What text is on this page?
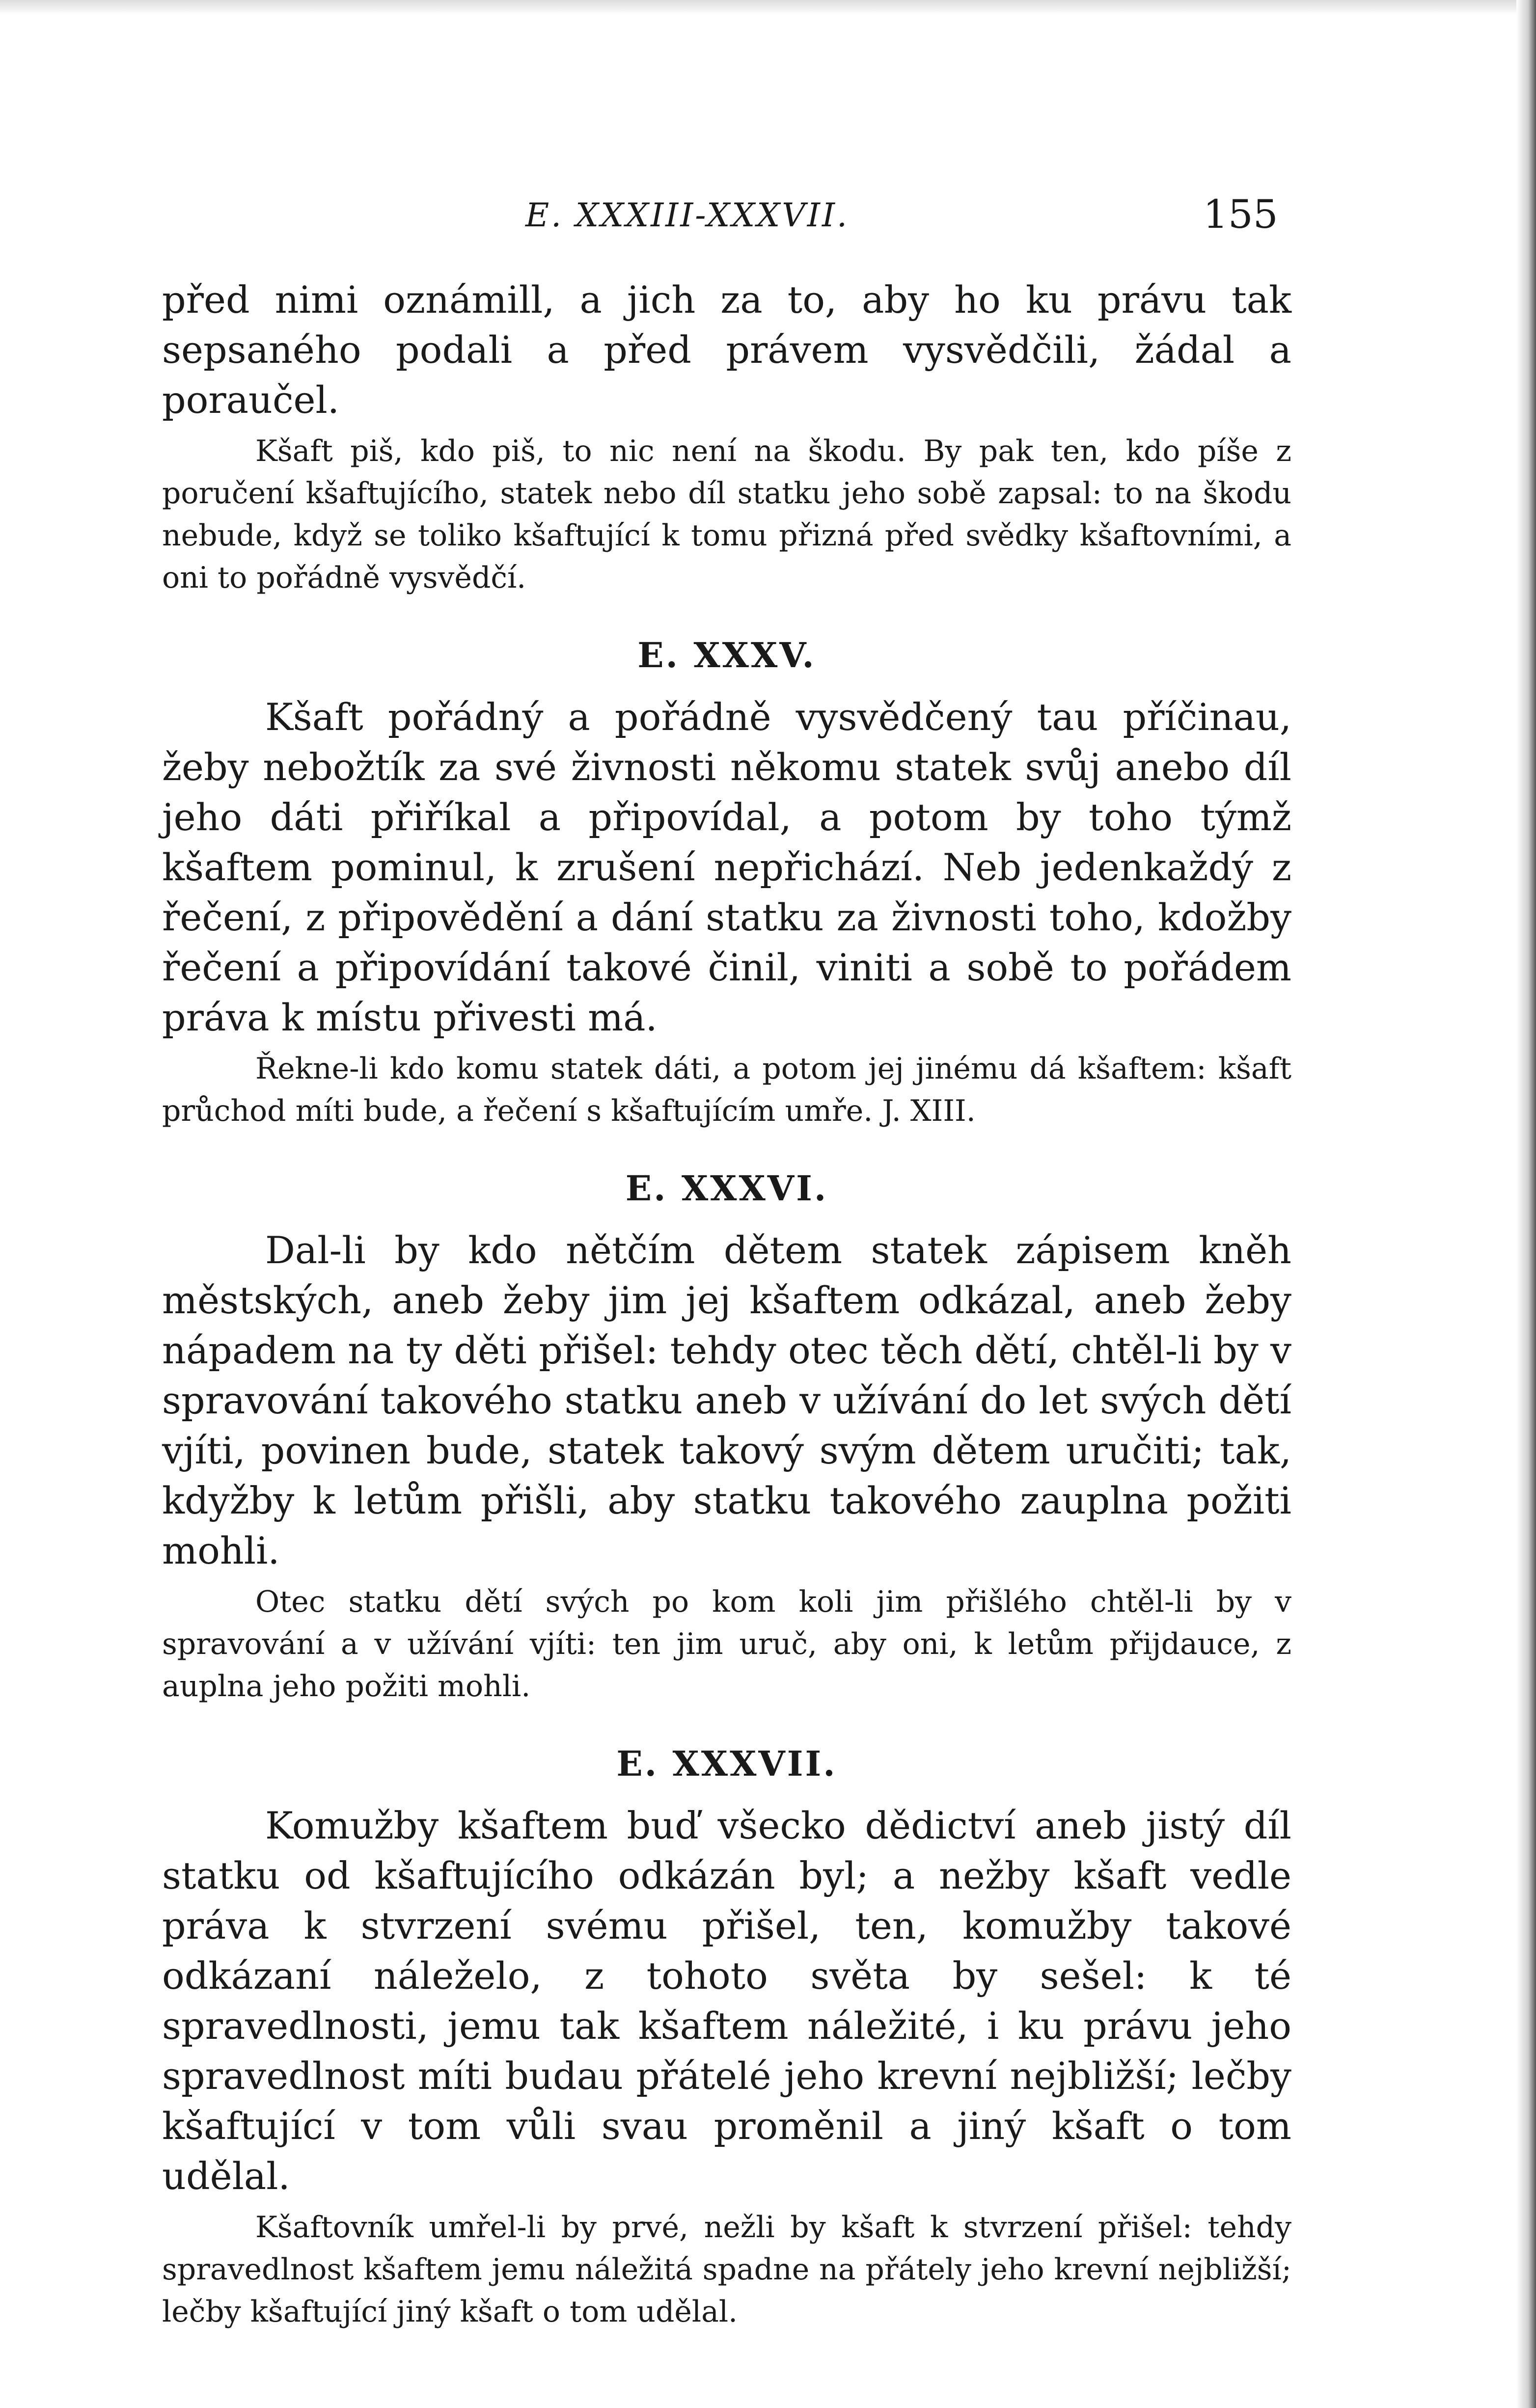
E. XXXIII-XXXVII.	155

před nimi oznámill, a jich za to, aby ho ku právu tak sepsaného podali a před právem vysvědčili, žádal a porаučel.

Kšaft piš, kdo piš, to nic není na škodu. By pak ten, kdo píše z poručení kšaftujícího, statek nebo díl statku jeho sobě zapsal: to na škodu nebude, když se toliko kšaftující k tomu přizná před svědky kšaftovními, a oni to pořádně vysvědčí.

E. XXXV.

Kšaft pořádný a pořádně vysvědčený tau příčinau, žeby nebožtík za své živnosti někomu statek svůj anebo díl jeho dáti přiříkal a připovídal, a potom by toho týmž kšaftem pominul, k zrušení nepřichází. Neb jedenkaždý z řečení, z připovědění a dání statku za živnosti toho, kdožby řečení a připovídání takové činil, viniti a sobě to pořádem práva k místu přivesti má.

Řekne-li kdo komu statek dáti, a potom jej jinému dá kšaftem: kšaft průchod míti bude, a řečení s kšaftujícím umře. J. XIII.

E. XXXVI.

Dal-li by kdo nětčím dětem statek zápisem kněh městských, aneb žeby jim jej kšaftem odkázal, aneb žeby nápadem na ty děti přišel: tehdy otec těch dětí, chtěl-li by v spravování takového statku aneb v užívání do let svých dětí vjíti, povinen bude, statek takový svým dětem uručiti; tak, kdyžby k letům přišli, aby statku takového zauplna požiti mohli.

Otec statku dětí svých po kom koli jim přišlého chtěl-li by v spravování a v užívání vjíti: ten jim uruč, aby oni, k letům přijdauce, z auplna jeho požiti mohli.

E. XXXVII.

Komužby kšaftem buď všecko dědictví aneb jistý díl statku od kšaftujícího odkázán byl; a nežby kšaft vedle práva k stvrzení svému přišel, ten, komužby takové odkázaní náleželo, z tohoto světa by sešel: k té spravedlnosti, jemu tak kšaftem náležité, i ku právu jeho spravedlnost míti budau přátelé jeho krevní nejbližší; lečby kšaftující v tom vůli svau proměnil a jiný kšaft o tom udělal.

Kšaftovník umřel-li by prvé, nežli by kšaft k stvrzení přišel: tehdy spravedlnost kšaftem jemu náležitá spadne na přátely jeho krevní nejbližší; lečby kšaftující jiný kšaft o tom udělal.
